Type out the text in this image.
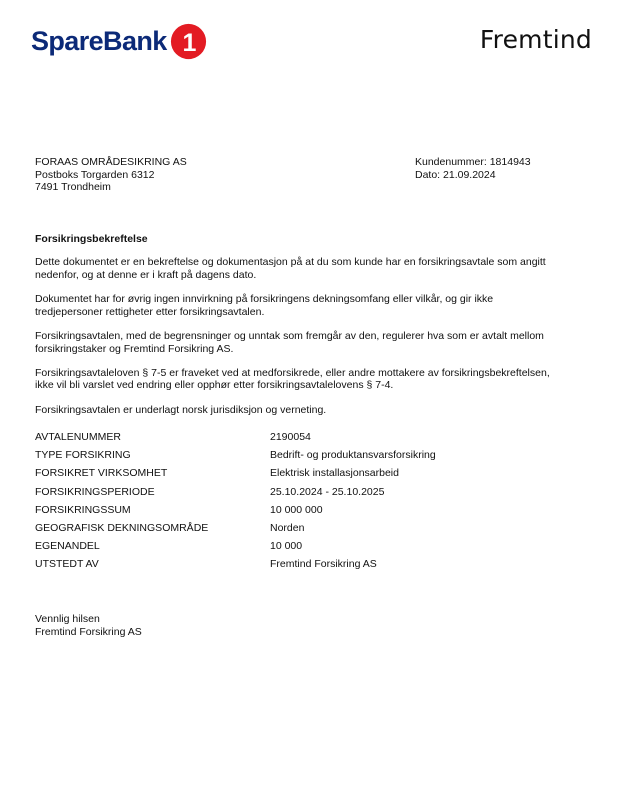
SpareBank 1	Fremtind
FORAAS OMRÅDESIKRING AS
Postboks Torgarden 6312
7491 Trondheim
Kundenummer: 1814943
Dato: 21.09.2024
Forsikringsbekreftelse

Dette dokumentet er en bekreftelse og dokumentasjon på at du som kunde har en forsikringsavtale som angitt nedenfor, og at denne er i kraft på dagens dato.

Dokumentet har for øvrig ingen innvirkning på forsikringens dekningsomfang eller vilkår, og gir ikke tredjepersoner rettigheter etter forsikringsavtalen.

Forsikringsavtalen, med de begrensninger og unntak som fremgår av den, regulerer hva som er avtalt mellom forsikringstaker og Fremtind Forsikring AS.

Forsikringsavtaleloven § 7-5 er fraveket ved at medforsikrede, eller andre mottakere av forsikringsbekreftelsen, ikke vil bli varslet ved endring eller opphør etter forsikringsavtalelovens § 7-4.

Forsikringsavtalen er underlagt norsk jurisdiksjon og verneting.

AVTALENUMMER	2190054
TYPE FORSIKRING	Bedrift- og produktansvarsforsikring
FORSIKRET VIRKSOMHET	Elektrisk installasjonsarbeid
FORSIKRINGSPERIODE	25.10.2024 - 25.10.2025
FORSIKRINGSSUM	10 000 000
GEOGRAFISK DEKNINGSOMRÅDE	Norden
EGENANDEL	10 000
UTSTEDT AV	Fremtind Forsikring AS
Vennlig hilsen
Fremtind Forsikring AS
